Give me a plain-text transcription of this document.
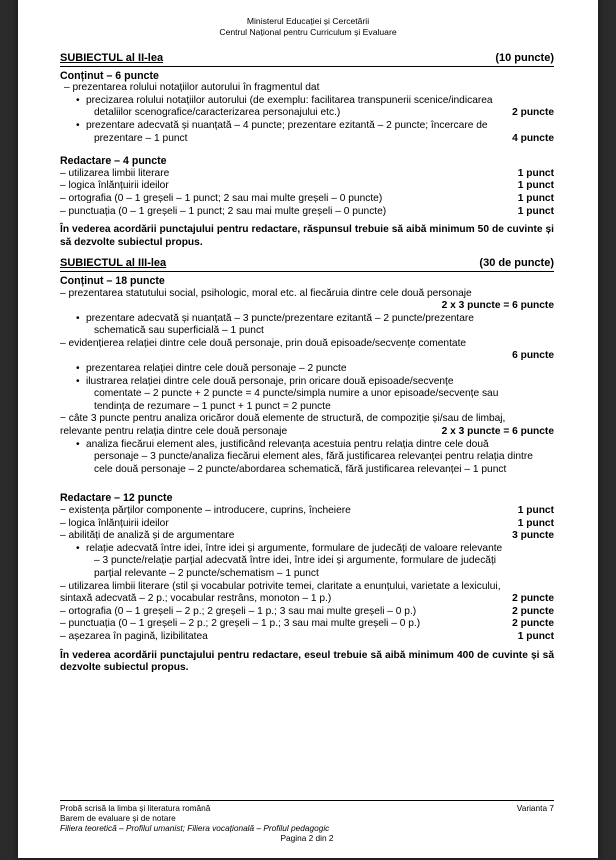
Ministerul Educației și Cercetării
Centrul Național pentru Curriculum și Evaluare
SUBIECTUL al II-lea	(10 puncte)
Conținut – 6 puncte
– prezentarea rolului notațiilor autorului în fragmentul dat
• precizarea rolului notațiilor autorului (de exemplu: facilitarea transpunerii scenice/indicarea
detaliilor scenografice/caracterizarea personajului etc.)	2 puncte
• prezentare adecvată și nuanțată – 4 puncte; prezentare ezitantă – 2 puncte; încercare de
prezentare – 1 punct	4 puncte
Redactare – 4 puncte
– utilizarea limbii literare	1 punct
– logica înlănțuirii ideilor	1 punct
– ortografia (0 – 1 greșeli – 1 punct; 2 sau mai multe greșeli – 0 puncte)	1 punct
– punctuația (0 – 1 greșeli – 1 punct; 2 sau mai multe greșeli – 0 puncte)	1 punct
În vederea acordării punctajului pentru redactare, răspunsul trebuie să aibă minimum 50 de cuvinte și să dezvolte subiectul propus.
SUBIECTUL al III-lea	(30 de puncte)
Conținut – 18 puncte
– prezentarea statutului social, psihologic, moral etc. al fiecăruia dintre cele două personaje
2 x 3 puncte = 6 puncte
• prezentare adecvată și nuanțată – 3 puncte/prezentare ezitantă – 2 puncte/prezentare
schematică sau superficială – 1 punct
– evidențierea relației dintre cele două personaje, prin două episoade/secvențe comentate
6 puncte
• prezentarea relației dintre cele două personaje – 2 puncte
• ilustrarea relației dintre cele două personaje, prin oricare două episoade/secvențe
comentate – 2 puncte + 2 puncte = 4 puncte/simpla numire a unor episoade/secvențe sau
tendința de rezumare – 1 punct + 1 punct = 2 puncte
− câte 3 puncte pentru analiza oricăror două elemente de structură, de compoziție și/sau de limbaj,
relevante pentru relația dintre cele două personaje	2 x 3 puncte = 6 puncte
• analiza fiecărui element ales, justificând relevanța acestuia pentru relația dintre cele două
personaje – 3 puncte/analiza fiecărui element ales, fără justificarea relevanței pentru relația dintre
cele două personaje – 2 puncte/abordarea schematică, fără justificarea relevanței – 1 punct
Redactare – 12 puncte
− existența părților componente – introducere, cuprins, încheiere	1 punct
– logica înlănțuirii ideilor	1 punct
– abilități de analiză și de argumentare	3 puncte
• relație adecvată între idei, între idei și argumente, formulare de judecăți de valoare relevante
– 3 puncte/relație parțial adecvată între idei, între idei și argumente, formulare de judecăți
parțial relevante – 2 puncte/schematism – 1 punct
– utilizarea limbii literare (stil și vocabular potrivite temei, claritate a enunțului, varietate a lexicului,
sintaxă adecvată – 2 p.; vocabular restrâns, monoton – 1 p.)	2 puncte
– ortografia (0 – 1 greșeli – 2 p.; 2 greșeli – 1 p.; 3 sau mai multe greșeli – 0 p.)	2 puncte
– punctuația (0 – 1 greșeli – 2 p.; 2 greșeli – 1 p.; 3 sau mai multe greșeli – 0 p.)	2 puncte
– așezarea în pagină, lizibilitatea	1 punct
În vederea acordării punctajului pentru redactare, eseul trebuie să aibă minimum 400 de cuvinte și să dezvolte subiectul propus.
Probă scrisă la limba și literatura română	Varianta 7
Barem de evaluare și de notare
Filiera teoretică – Profilul umanist; Filiera vocațională – Profilul pedagogic
Pagina 2 din 2
